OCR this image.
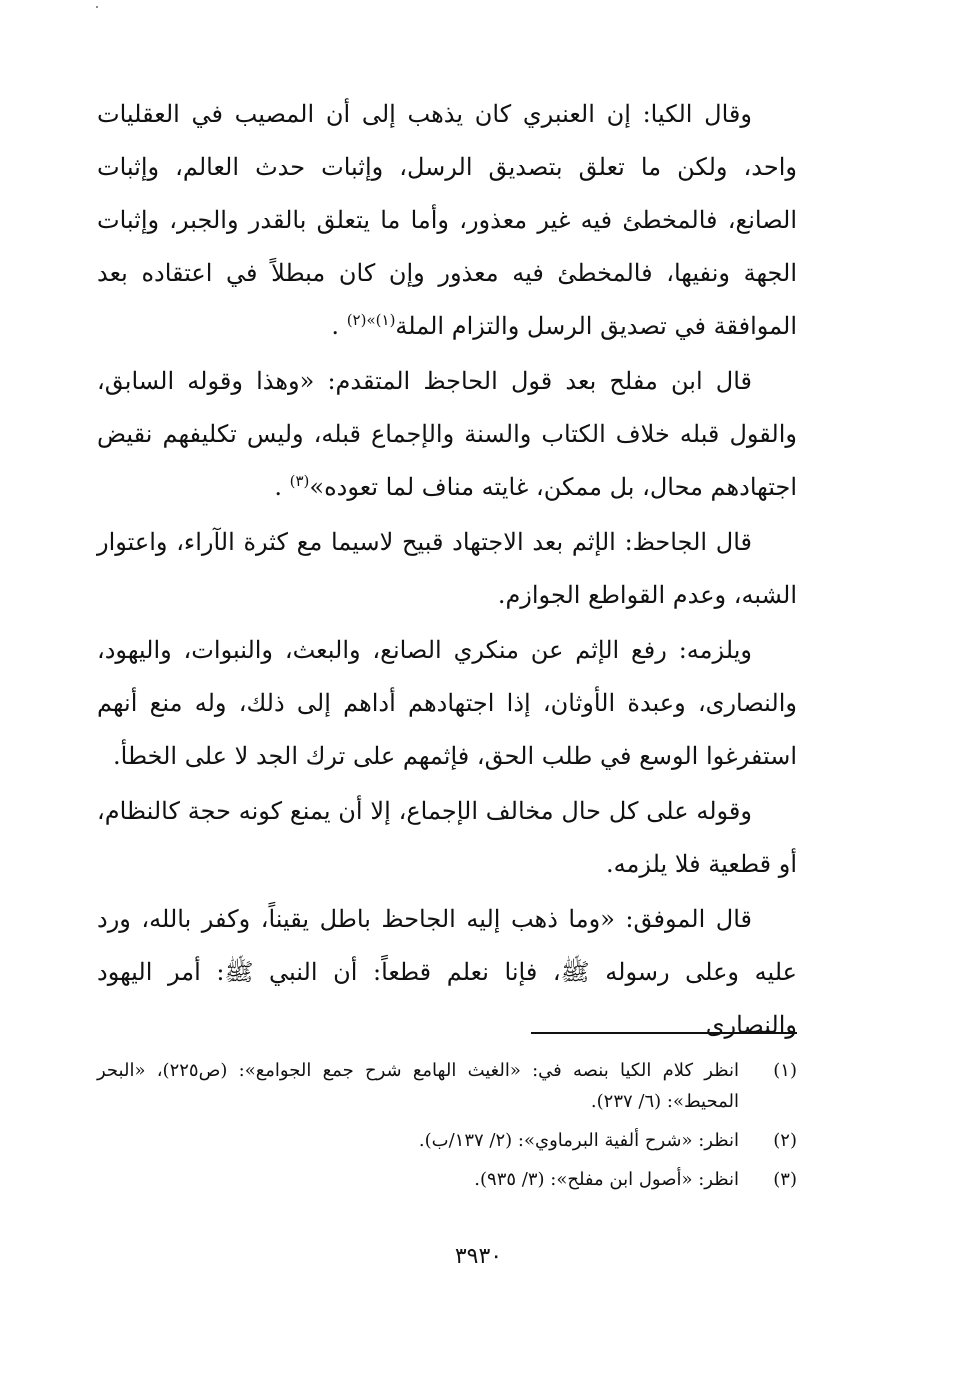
وقال الكيا: إن العنبري كان يذهب إلى أن المصيب في العقليات واحد، ولكن ما تعلق بتصديق الرسل، وإثبات حدث العالم، وإثبات الصانع، فالمخطئ فيه غير معذور، وأما ما يتعلق بالقدر والجبر، وإثبات الجهة ونفيها، فالمخطئ فيه معذور وإن كان مبطلاً في اعتقاده بعد الموافقة في تصديق الرسل والتزام الملة$^{(١)»(٢)}$ .

قال ابن مفلح بعد قول الحاجظ المتقدم: «وهذا وقوله السابق، والقول قبله خلاف الكتاب والسنة والإجماع قبله، وليس تكليفهم نقيض اجتهادهم محال، بل ممكن، غايته مناف لما تعوده»$^{(٣)}$ .

قال الجاحظ: الإثم بعد الاجتهاد قبيح لاسيما مع كثرة الآراء، واعتوار الشبه، وعدم القواطع الجوازم.

ويلزمه: رفع الإثم عن منكري الصانع، والبعث، والنبوات، واليهود، والنصارى، وعبدة الأوثان، إذا اجتهادهم أداهم إلى ذلك، وله منع أنهم استفرغوا الوسع في طلب الحق، فإثمهم على ترك الجد لا على الخطأ.

وقوله على كل حال مخالف الإجماع، إلا أن يمنع كونه حجة كالنظام، أو قطعية فلا يلزمه.

قال الموفق: «وما ذهب إليه الجاحظ باطل يقيناً، وكفر بالله، ورد عليه وعلى رسوله ﷺ، فإنا نعلم قطعاً: أن النبي ﷺ: أمر اليهود والنصارى

(١)
انظر كلام الكيا بنصه في: «الغيث الهامع شرح جمع الجوامع»: (ص٢٢٥)، «البحر المحيط»: (٦/ ٢٣٧).
(٢)
انظر: «شرح ألفية البرماوي»: (٢/ ١٣٧/ب).
(٣)
انظر: «أصول ابن مفلح»: (٣/ ٩٣٥).
٣٩٣٠
